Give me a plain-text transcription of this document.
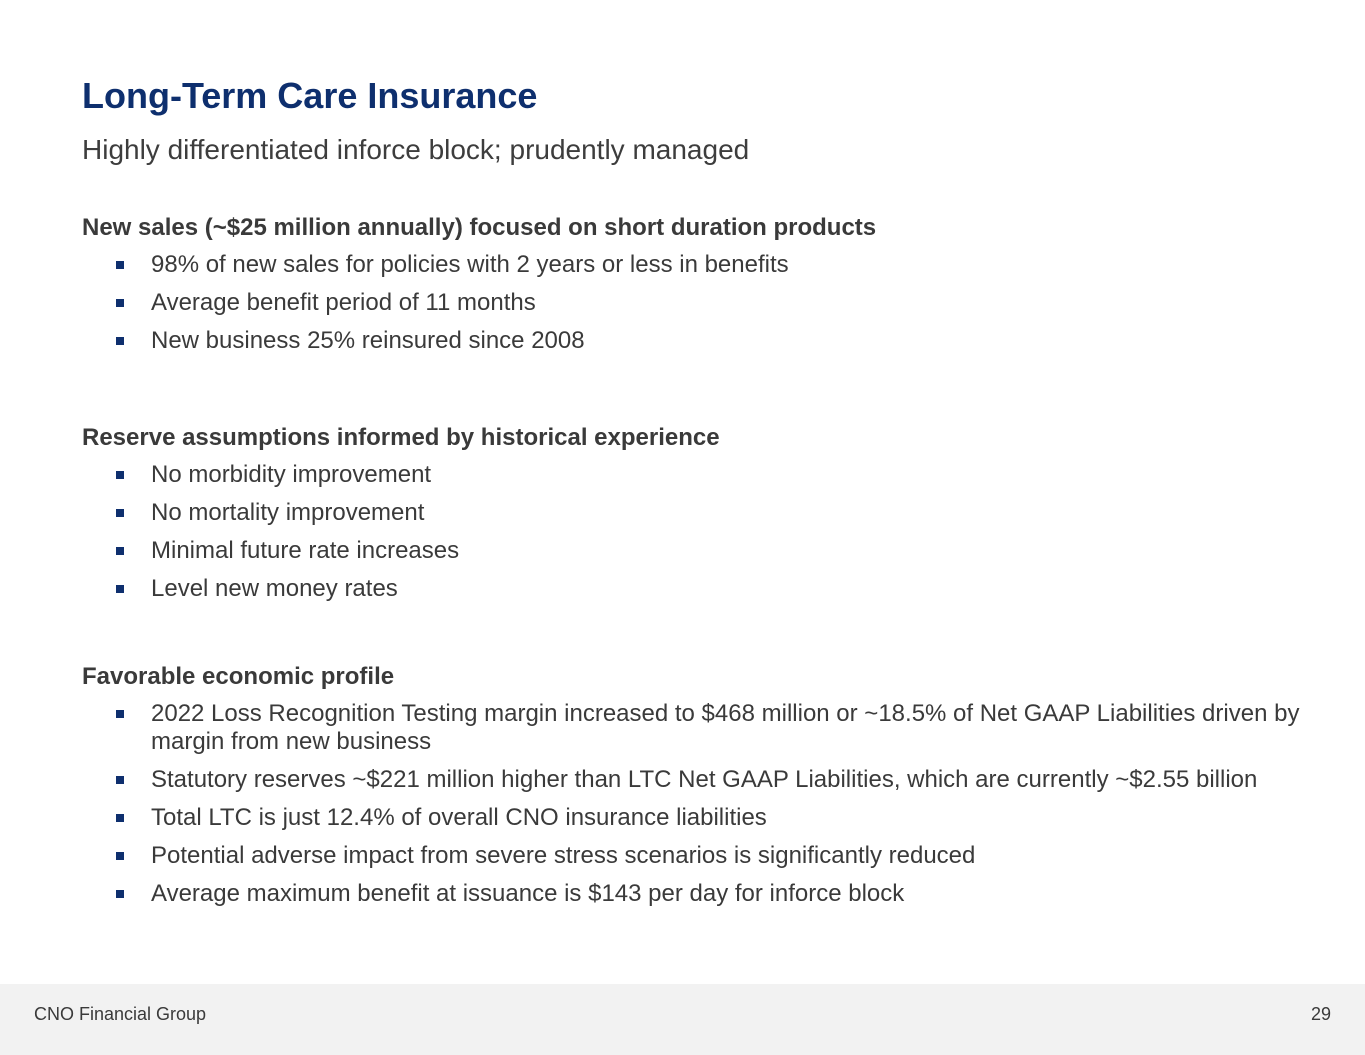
Long-Term Care Insurance
Highly differentiated inforce block; prudently managed
New sales (~$25 million annually) focused on short duration products
98% of new sales for policies with 2 years or less in benefits
Average benefit period of 11 months
New business 25% reinsured since 2008
Reserve assumptions informed by historical experience
No morbidity improvement
No mortality improvement
Minimal future rate increases
Level new money rates
Favorable economic profile
2022 Loss Recognition Testing margin increased to $468 million or ~18.5% of Net GAAP Liabilities driven by margin from new business
Statutory reserves ~$221 million higher than LTC Net GAAP Liabilities, which are currently ~$2.55 billion
Total LTC is just 12.4% of overall CNO insurance liabilities
Potential adverse impact from severe stress scenarios is significantly reduced
Average maximum benefit at issuance is $143 per day for inforce block
CNO Financial Group	29
